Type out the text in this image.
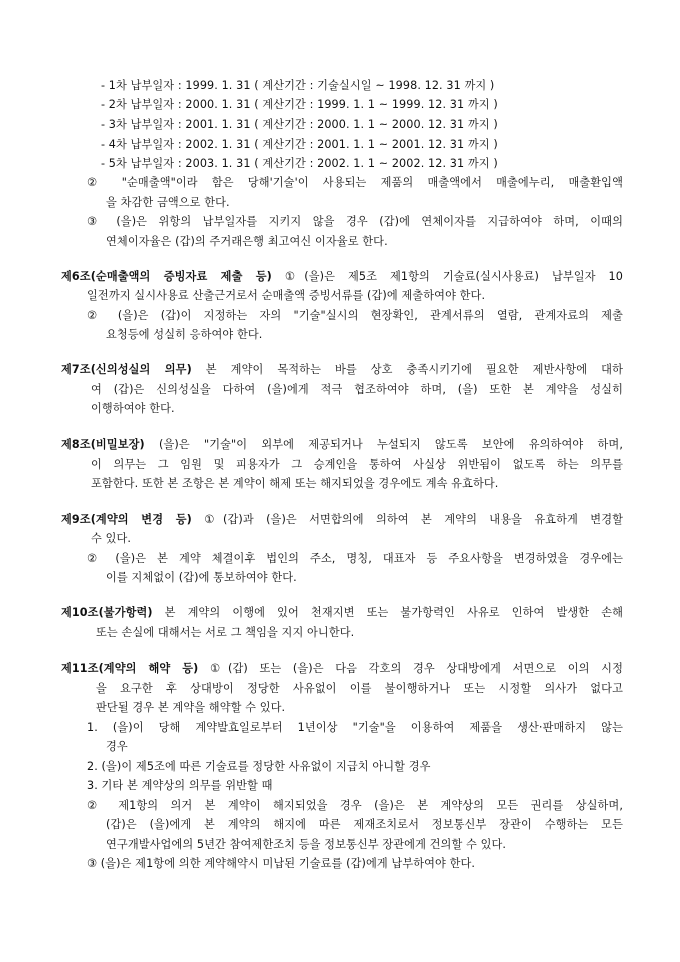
- 1차 납부일자 : 1999. 1. 31 ( 계산기간 : 기술실시일 ~ 1998. 12. 31 까지 )
- 2차 납부일자 : 2000. 1. 31 ( 계산기간 : 1999. 1. 1 ~ 1999. 12. 31 까지 )
- 3차 납부일자 : 2001. 1. 31 ( 계산기간 : 2000. 1. 1 ~ 2000. 12. 31 까지 )
- 4차 납부일자 : 2002. 1. 31 ( 계산기간 : 2001. 1. 1 ~ 2001. 12. 31 까지 )
- 5차 납부일자 : 2003. 1. 31 ( 계산기간 : 2002. 1. 1 ~ 2002. 12. 31 까지 )
② "순매출액"이라 함은 당해'기술'이 사용되는 제품의 매출액에서 매출에누리, 매출환입액
을 차감한 금액으로 한다.
③ (을)은 위항의 납부일자를 지키지 않을 경우 (갑)에 연체이자를 지급하여야 하며, 이때의
연체이자율은 (갑)의 주거래은행 최고여신 이자율로 한다.
제6조(순매출액의 증빙자료 제출 등) ①(을)은 제5조 제1항의 기술료(실시사용료) 납부일자 10
일전까지 실시사용료 산출근거로서 순매출액 증빙서류를 (갑)에 제출하여야 한다.
② (을)은 (갑)이 지정하는 자의 "기술"실시의 현장확인, 관계서류의 열람, 관계자료의 제출
요청등에 성실히 응하여야 한다.
제7조(신의성실의 의무) 본 계약이 목적하는 바를 상호 충족시키기에 필요한 제반사항에 대하
여 (갑)은 신의성실을 다하여 (을)에게 적극 협조하여야 하며, (을) 또한 본 계약을 성실히
이행하여야 한다.
제8조(비밀보장) (을)은 "기술"이 외부에 제공되거나 누설되지 않도록 보안에 유의하여야 하며,
이 의무는 그 임원 및 피용자가 그 승계인을 통하여 사실상 위반됨이 없도록 하는 의무를
포함한다. 또한 본 조항은 본 계약이 해제 또는 해지되었을 경우에도 계속 유효하다.
제9조(계약의 변경 등) ①(갑)과 (을)은 서면합의에 의하여 본 계약의 내용을 유효하게 변경할
수 있다.
② (을)은 본 계약 체결이후 법인의 주소, 명칭, 대표자 등 주요사항을 변경하였을 경우에는
이를 지체없이 (갑)에 통보하여야 한다.
제10조(불가항력) 본 계약의 이행에 있어 천재지변 또는 불가항력인 사유로 인하여 발생한 손해
또는 손실에 대해서는 서로 그 책임을 지지 아니한다.
제11조(계약의 해약 등) ①(갑) 또는 (을)은 다음 각호의 경우 상대방에게 서면으로 이의 시정
을 요구한 후 상대방이 정당한 사유없이 이를 불이행하거나 또는 시정할 의사가 없다고
판단될 경우 본 계약을 해약할 수 있다.
1. (을)이 당해 계약발효일로부터 1년이상 "기술"을 이용하여 제품을 생산·판매하지 않는
경우
2. (을)이 제5조에 따른 기술료를 정당한 사유없이 지급치 아니할 경우
3. 기타 본 계약상의 의무를 위반할 때
② 제1항의 의거 본 계약이 해지되었을 경우 (을)은 본 계약상의 모든 권리를 상실하며,
(갑)은 (을)에게 본 계약의 해지에 따른 제재조치로서 정보통신부 장관이 수행하는 모든
연구개발사업에의 5년간 참여제한조치 등을 정보통신부 장관에게 건의할 수 있다.
③ (을)은 제1항에 의한 계약해약시 미납된 기술료를 (갑)에게 납부하여야 한다.
